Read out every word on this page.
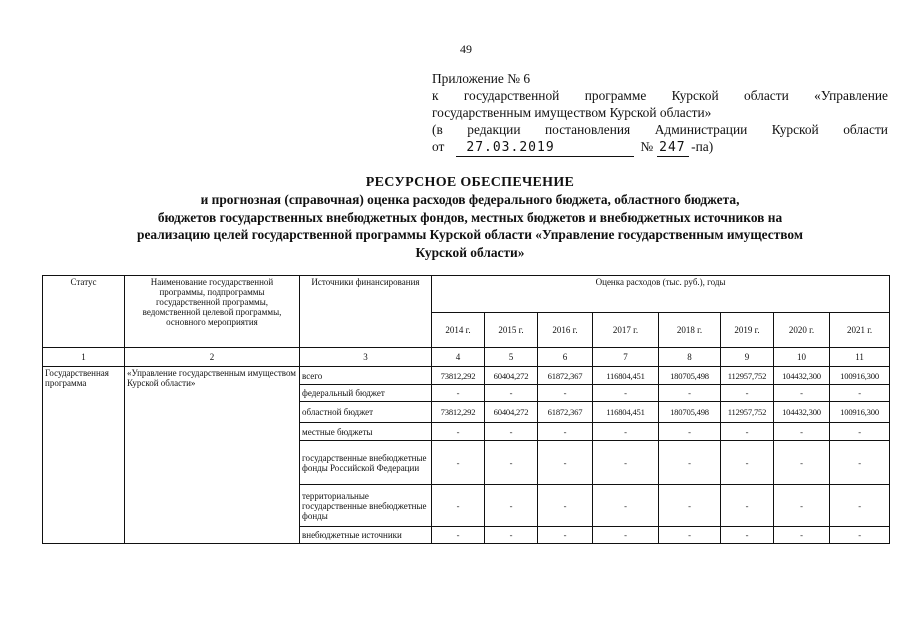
49
Приложение № 6
к государственной программе Курской области «Управление
государственным имуществом Курской области»
(в редакции постановления Администрации Курской области
от	27.03.2019	№ 247 -па)
РЕСУРСНОЕ ОБЕСПЕЧЕНИЕ
и прогнозная (справочная) оценка расходов федерального бюджета, областного бюджета,
бюджетов государственных внебюджетных фондов, местных бюджетов и внебюджетных источников на
реализацию целей государственной программы Курской области «Управление государственным имуществом
Курской области»
Статус	Наименование государственной программы, подпрограммы государственной программы, ведомственной целевой программы, основного мероприятия	Источники финансирования	Оценка расходов (тыс. руб.), годы							
			2014 г.	2015 г.	2016 г.	2017 г.	2018 г.	2019 г.	2020 г.	2021 г.
1	2	3	4	5	6	7	8	9	10	11
Государственная программа	«Управление государственным имуществом Курской области»	всего	73812,292	60404,272	61872,367	116804,451	180705,498	112957,752	104432,300	100916,300
		федеральный бюджет	-	-	-	-	-	-	-	-
		областной бюджет	73812,292	60404,272	61872,367	116804,451	180705,498	112957,752	104432,300	100916,300
		местные бюджеты	-	-	-	-	-	-	-	-
		государственные внебюджетные фонды Российской Федерации	-	-	-	-	-	-	-	-
		территориальные государственные внебюджетные фонды	-	-	-	-	-	-	-	-
		внебюджетные источники	-	-	-	-	-	-	-	-
